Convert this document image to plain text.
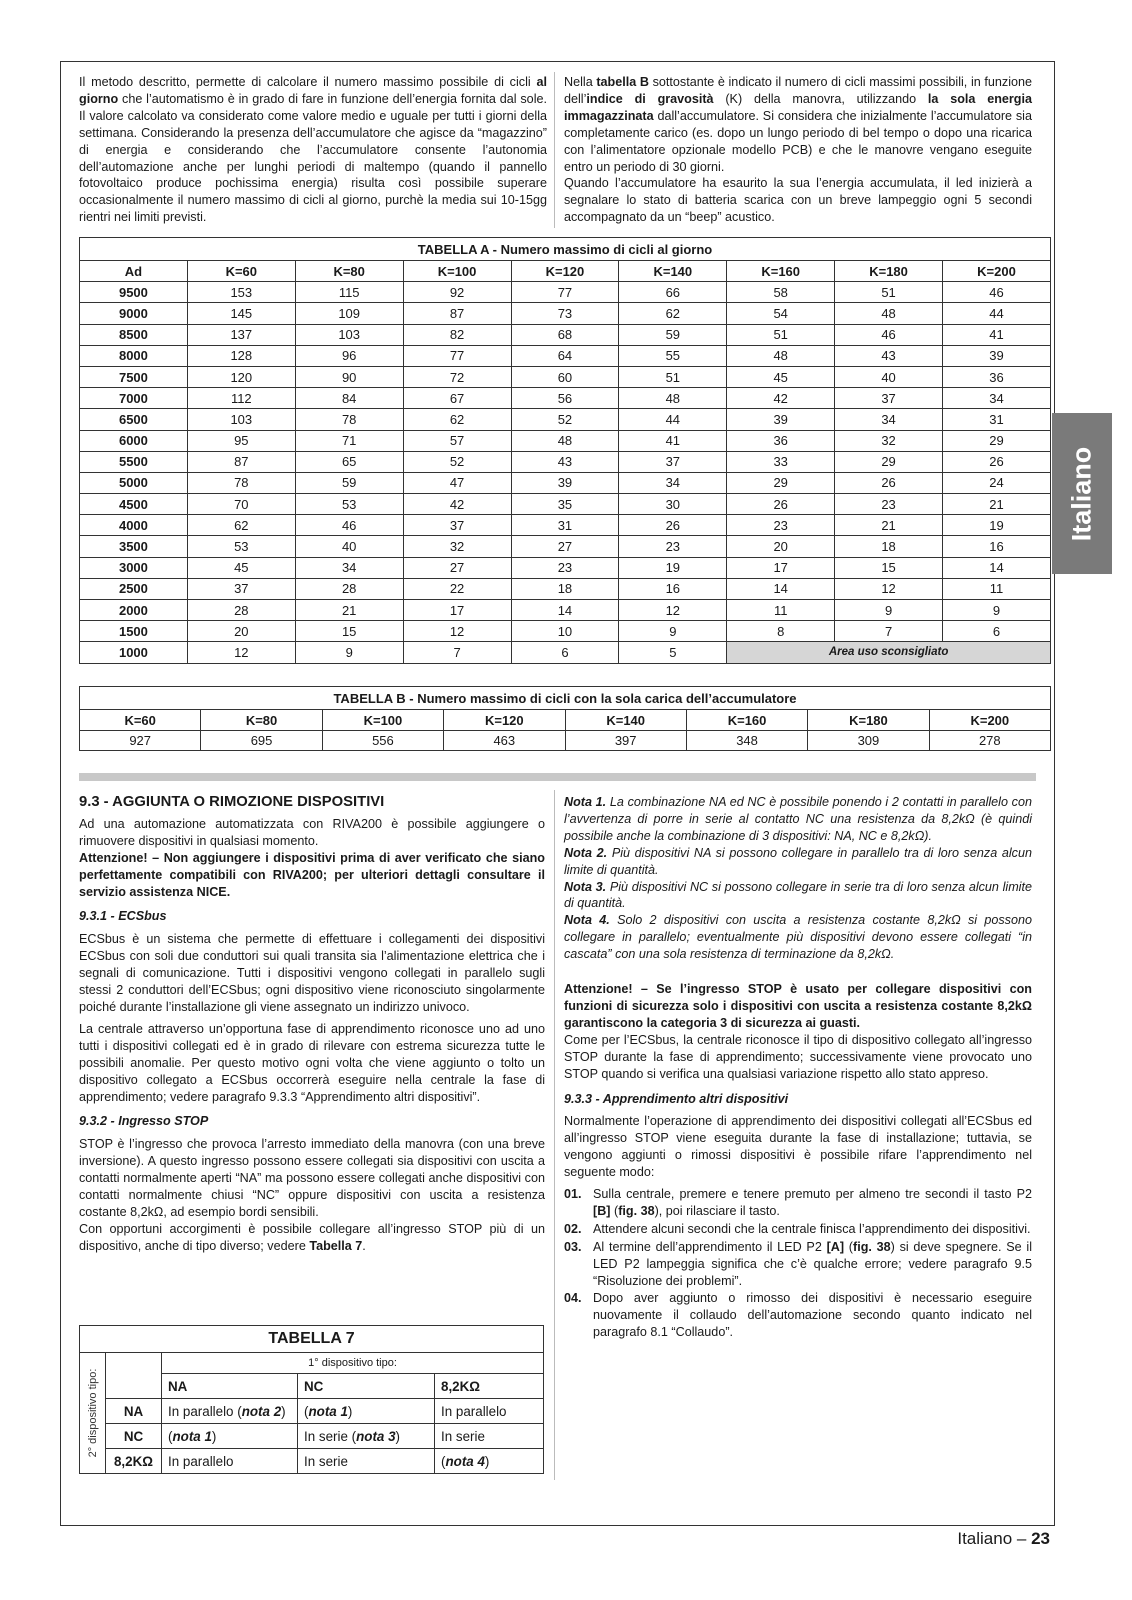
Il metodo descritto, permette di calcolare il numero massimo possibile di cicli al giorno che l’automatismo è in grado di fare in funzione dell’energia fornita dal sole. Il valore calcolato va considerato come valore medio e uguale per tutti i giorni della settimana. Considerando la presenza dell’accumulatore che agisce da “magazzino” di energia e considerando che l’accumulatore consente l’autonomia dell’automazione anche per lunghi periodi di maltempo (quando il pannello fotovoltaico produce pochissima energia) risulta così possibile superare occasionalmente il numero massimo di cicli al giorno, purchè la media sui 10-15gg rientri nei limiti previsti.

Nella tabella B sottostante è indicato il numero di cicli massimi possibili, in funzione dell’indice di gravosità (K) della manovra, utilizzando la sola energia immagazzinata dall’accumulatore. Si considera che inizialmente l’accumulatore sia completamente carico (es. dopo un lungo periodo di bel tempo o dopo una ricarica con l’alimentatore opzionale modello PCB) e che le manovre vengano eseguite entro un periodo di 30 giorni.

Quando l’accumulatore ha esaurito la sua l’energia accumulata, il led inizierà a segnalare lo stato di batteria scarica con un breve lampeggio ogni 5 secondi accompagnato da un “beep” acustico.

TABELLA A - Numero massimo di cicli al giorno								
Ad	K=60	K=80	K=100	K=120	K=140	K=160	K=180	K=200
9500	153	115	92	77	66	58	51	46
9000	145	109	87	73	62	54	48	44
8500	137	103	82	68	59	51	46	41
8000	128	96	77	64	55	48	43	39
7500	120	90	72	60	51	45	40	36
7000	112	84	67	56	48	42	37	34
6500	103	78	62	52	44	39	34	31
6000	95	71	57	48	41	36	32	29
5500	87	65	52	43	37	33	29	26
5000	78	59	47	39	34	29	26	24
4500	70	53	42	35	30	26	23	21
4000	62	46	37	31	26	23	21	19
3500	53	40	32	27	23	20	18	16
3000	45	34	27	23	19	17	15	14
2500	37	28	22	18	16	14	12	11
2000	28	21	17	14	12	11	9	9
1500	20	15	12	10	9	8	7	6
1000	12	9	7	6	5	Area uso sconsigliato		
TABELLA B - Numero massimo di cicli con la sola carica dell’accumulatore							
K=60	K=80	K=100	K=120	K=140	K=160	K=180	K=200
927	695	556	463	397	348	309	278
9.3 - AGGIUNTA O RIMOZIONE DISPOSITIVI

Ad una automazione automatizzata con RIVA200 è possibile aggiungere o rimuovere dispositivi in qualsiasi momento.

Attenzione! – Non aggiungere i dispositivi prima di aver verificato che siano perfettamente compatibili con RIVA200; per ulteriori dettagli consultare il servizio assistenza NICE.

9.3.1 - ECSbus

ECSbus è un sistema che permette di effettuare i collegamenti dei dispositivi ECSbus con soli due conduttori sui quali transita sia l’alimentazione elettrica che i segnali di comunicazione. Tutti i dispositivi vengono collegati in parallelo sugli stessi 2 conduttori dell’ECSbus; ogni dispositivo viene riconosciuto singolarmente poiché durante l’installazione gli viene assegnato un indirizzo univoco.

La centrale attraverso un’opportuna fase di apprendimento riconosce uno ad uno tutti i dispositivi collegati ed è in grado di rilevare con estrema sicurezza tutte le possibili anomalie. Per questo motivo ogni volta che viene aggiunto o tolto un dispositivo collegato a ECSbus occorrerà eseguire nella centrale la fase di apprendimento; vedere paragrafo 9.3.3 “Apprendimento altri dispositivi”.

9.3.2 - Ingresso STOP

STOP è l’ingresso che provoca l’arresto immediato della manovra (con una breve inversione). A questo ingresso possono essere collegati sia dispositivi con uscita a contatti normalmente aperti “NA” ma possono essere collegati anche dispositivi con contatti normalmente chiusi “NC” oppure dispositivi con uscita a resistenza costante 8,2kΩ, ad esempio bordi sensibili.

Con opportuni accorgimenti è possibile collegare all’ingresso STOP più di un dispositivo, anche di tipo diverso; vedere Tabella 7.

TABELLA 7				

2° dispositivo tipo:		1° dispositivo tipo:		
		NA	NC	8,2KΩ
	NA	In parallelo (nota 2)	(nota 1)	In parallelo
	NC	(nota 1)	In serie (nota 3)	In serie
	8,2KΩ	In parallelo	In serie	(nota 4)
Nota 1. La combinazione NA ed NC è possibile ponendo i 2 contatti in parallelo con l’avvertenza di porre in serie al contatto NC una resistenza da 8,2kΩ (è quindi possibile anche la combinazione di 3 dispositivi: NA, NC e 8,2kΩ).
Nota 2. Più dispositivi NA si possono collegare in parallelo tra di loro senza alcun limite di quantità.
Nota 3. Più dispositivi NC si possono collegare in serie tra di loro senza alcun limite di quantità.
Nota 4. Solo 2 dispositivi con uscita a resistenza costante 8,2kΩ si possono collegare in parallelo; eventualmente più dispositivi devono essere collegati “in cascata” con una sola resistenza di terminazione da 8,2kΩ.

Attenzione! – Se l’ingresso STOP è usato per collegare dispositivi con funzioni di sicurezza solo i dispositivi con uscita a resistenza costante 8,2kΩ garantiscono la categoria 3 di sicurezza ai guasti.

Come per l’ECSbus, la centrale riconosce il tipo di dispositivo collegato all’ingresso STOP durante la fase di apprendimento; successivamente viene provocato uno STOP quando si verifica una qualsiasi variazione rispetto allo stato appreso.

9.3.3 - Apprendimento altri dispositivi

Normalmente l’operazione di apprendimento dei dispositivi collegati all’ECSbus ed all’ingresso STOP viene eseguita durante la fase di installazione; tuttavia, se vengono aggiunti o rimossi dispositivi è possibile rifare l’apprendimento nel seguente modo:

01. Sulla centrale, premere e tenere premuto per almeno tre secondi il tasto P2 [B] (fig. 38), poi rilasciare il tasto.
02. Attendere alcuni secondi che la centrale finisca l’apprendimento dei dispositivi.
03. Al termine dell’apprendimento il LED P2 [A] (fig. 38) si deve spegnere. Se il LED P2 lampeggia significa che c’è qualche errore; vedere paragrafo 9.5 “Risoluzione dei problemi”.
04. Dopo aver aggiunto o rimosso dei dispositivi è necessario eseguire nuovamente il collaudo dell’automazione secondo quanto indicato nel paragrafo 8.1 “Collaudo”.
Italiano
Italiano – 23
